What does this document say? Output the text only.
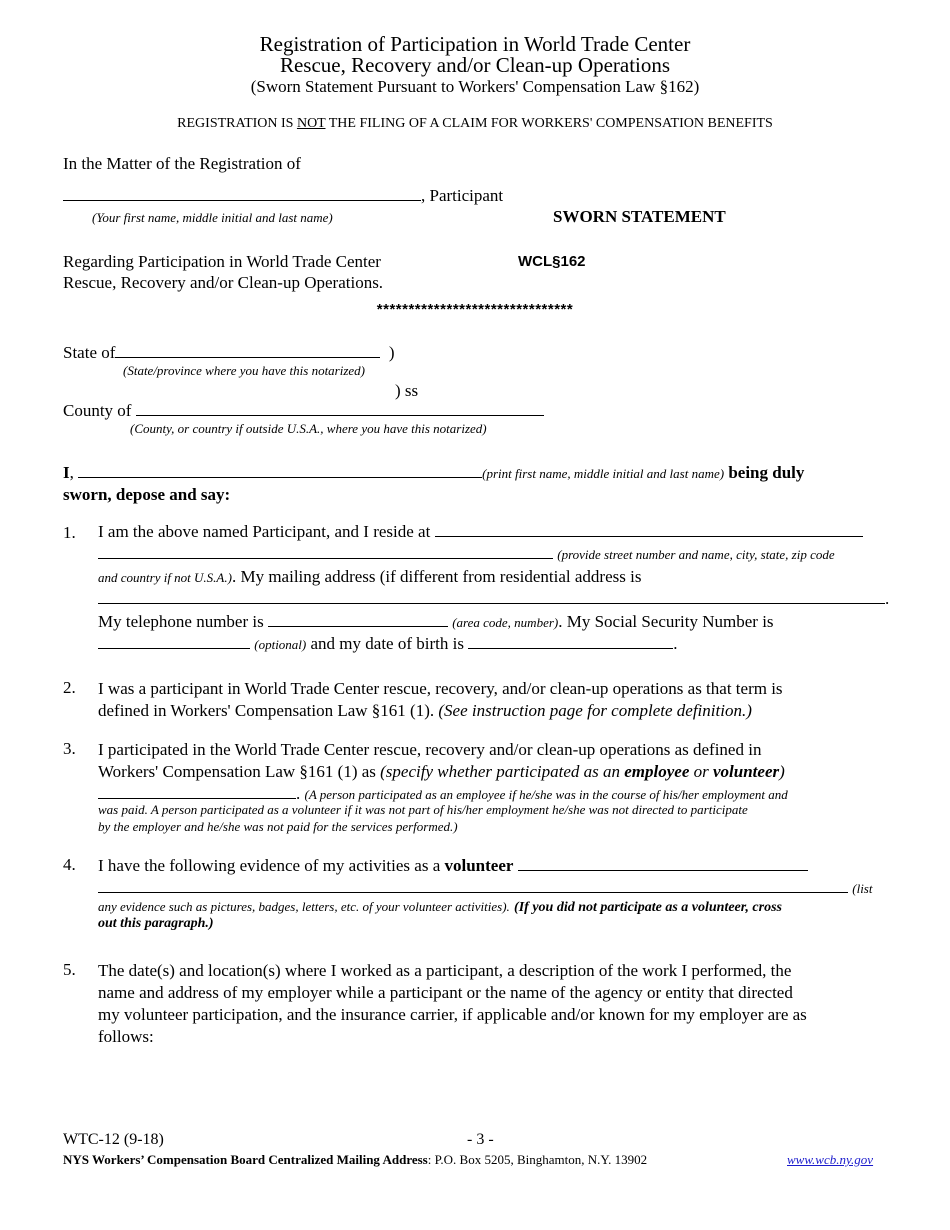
Registration of Participation in World Trade Center
Rescue, Recovery and/or Clean-up Operations
(Sworn Statement Pursuant to Workers' Compensation Law §162)
REGISTRATION IS NOT THE FILING OF A CLAIM FOR WORKERS' COMPENSATION BENEFITS
In the Matter of the Registration of
, Participant
(Your first name, middle initial and last name)	SWORN STATEMENT
Regarding Participation in World Trade Center
Rescue, Recovery and/or Clean-up Operations.
WCL§162
*******************************
State of	)
(State/province where you have this notarized)
) ss
County of
(County, or country if outside U.S.A., where you have this notarized)
I,	(print first name, middle initial and last name) being duly
sworn, depose and say:
1. I am the above named Participant, and I reside at
(provide street number and name, city, state, zip code
and country if not U.S.A.). My mailing address (if different from residential address is
.
My telephone number is	(area code, number). My Social Security Number is
(optional) and my date of birth is	.
2. I was a participant in World Trade Center rescue, recovery, and/or clean-up operations as that term is
defined in Workers' Compensation Law §161 (1). (See instruction page for complete definition.)
3. I participated in the World Trade Center rescue, recovery and/or clean-up operations as defined in
Workers' Compensation Law §161 (1) as (specify whether participated as an employee or volunteer)
. (A person participated as an employee if he/she was in the course of his/her employment and
was paid. A person participated as a volunteer if it was not part of his/her employment he/she was not directed to participate
by the employer and he/she was not paid for the services performed.)
4. I have the following evidence of my activities as a volunteer
(list
any evidence such as pictures, badges, letters, etc. of your volunteer activities). (If you did not participate as a volunteer, cross
out this paragraph.)
5. The date(s) and location(s) where I worked as a participant, a description of the work I performed, the
name and address of my employer while a participant or the name of the agency or entity that directed
my volunteer participation, and the insurance carrier, if applicable and/or known for my employer are as
follows:
WTC-12 (9-18)	- 3 -
NYS Workers’ Compensation Board Centralized Mailing Address: P.O. Box 5205, Binghamton, N.Y. 13902	www.wcb.ny.gov
